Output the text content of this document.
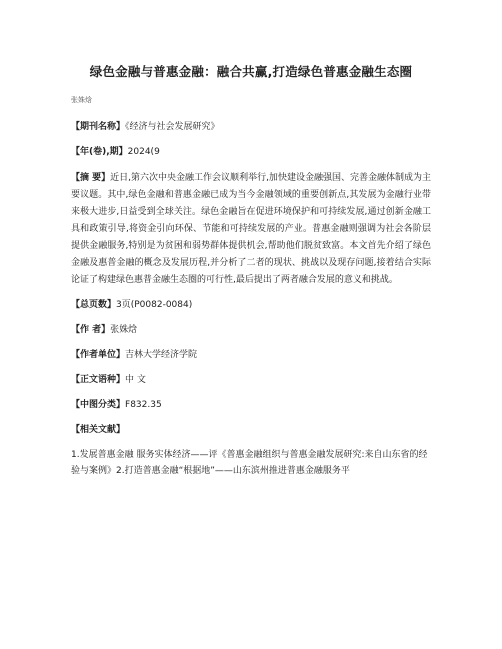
绿色金融与普惠金融：融合共赢,打造绿色普惠金融生态圈
张姝焓
【期刊名称】《经济与社会发展研究》
【年(卷),期】2024(9
【摘 要】近日,第六次中央金融工作会议顺利举行,加快建设金融强国、完善金融体制成为主要议题。其中,绿色金融和普惠金融已成为当今金融领域的重要创新点,其发展为金融行业带来极大进步,日益受到全球关注。绿色金融旨在促进环境保护和可持续发展,通过创新金融工具和政策引导,将资金引向环保、节能和可持续发展的产业。普惠金融则强调为社会各阶层提供金融服务,特别是为贫困和弱势群体提供机会,帮助他们脱贫致富。本文首先介绍了绿色金融及惠普金融的概念及发展历程,并分析了二者的现状、挑战以及现存问题,接着结合实际论证了构建绿色惠普金融生态圈的可行性,最后提出了两者融合发展的意义和挑战。
【总页数】3页(P0082-0084)
【作 者】张姝焓
【作者单位】吉林大学经济学院
【正文语种】中 文
【中图分类】F832.35
【相关文献】
1.发展普惠金融 服务实体经济——评《普惠金融组织与普惠金融发展研究:来自山东省的经验与案例》2.打造普惠金融“根据地”——山东滨州推进普惠金融服务平
